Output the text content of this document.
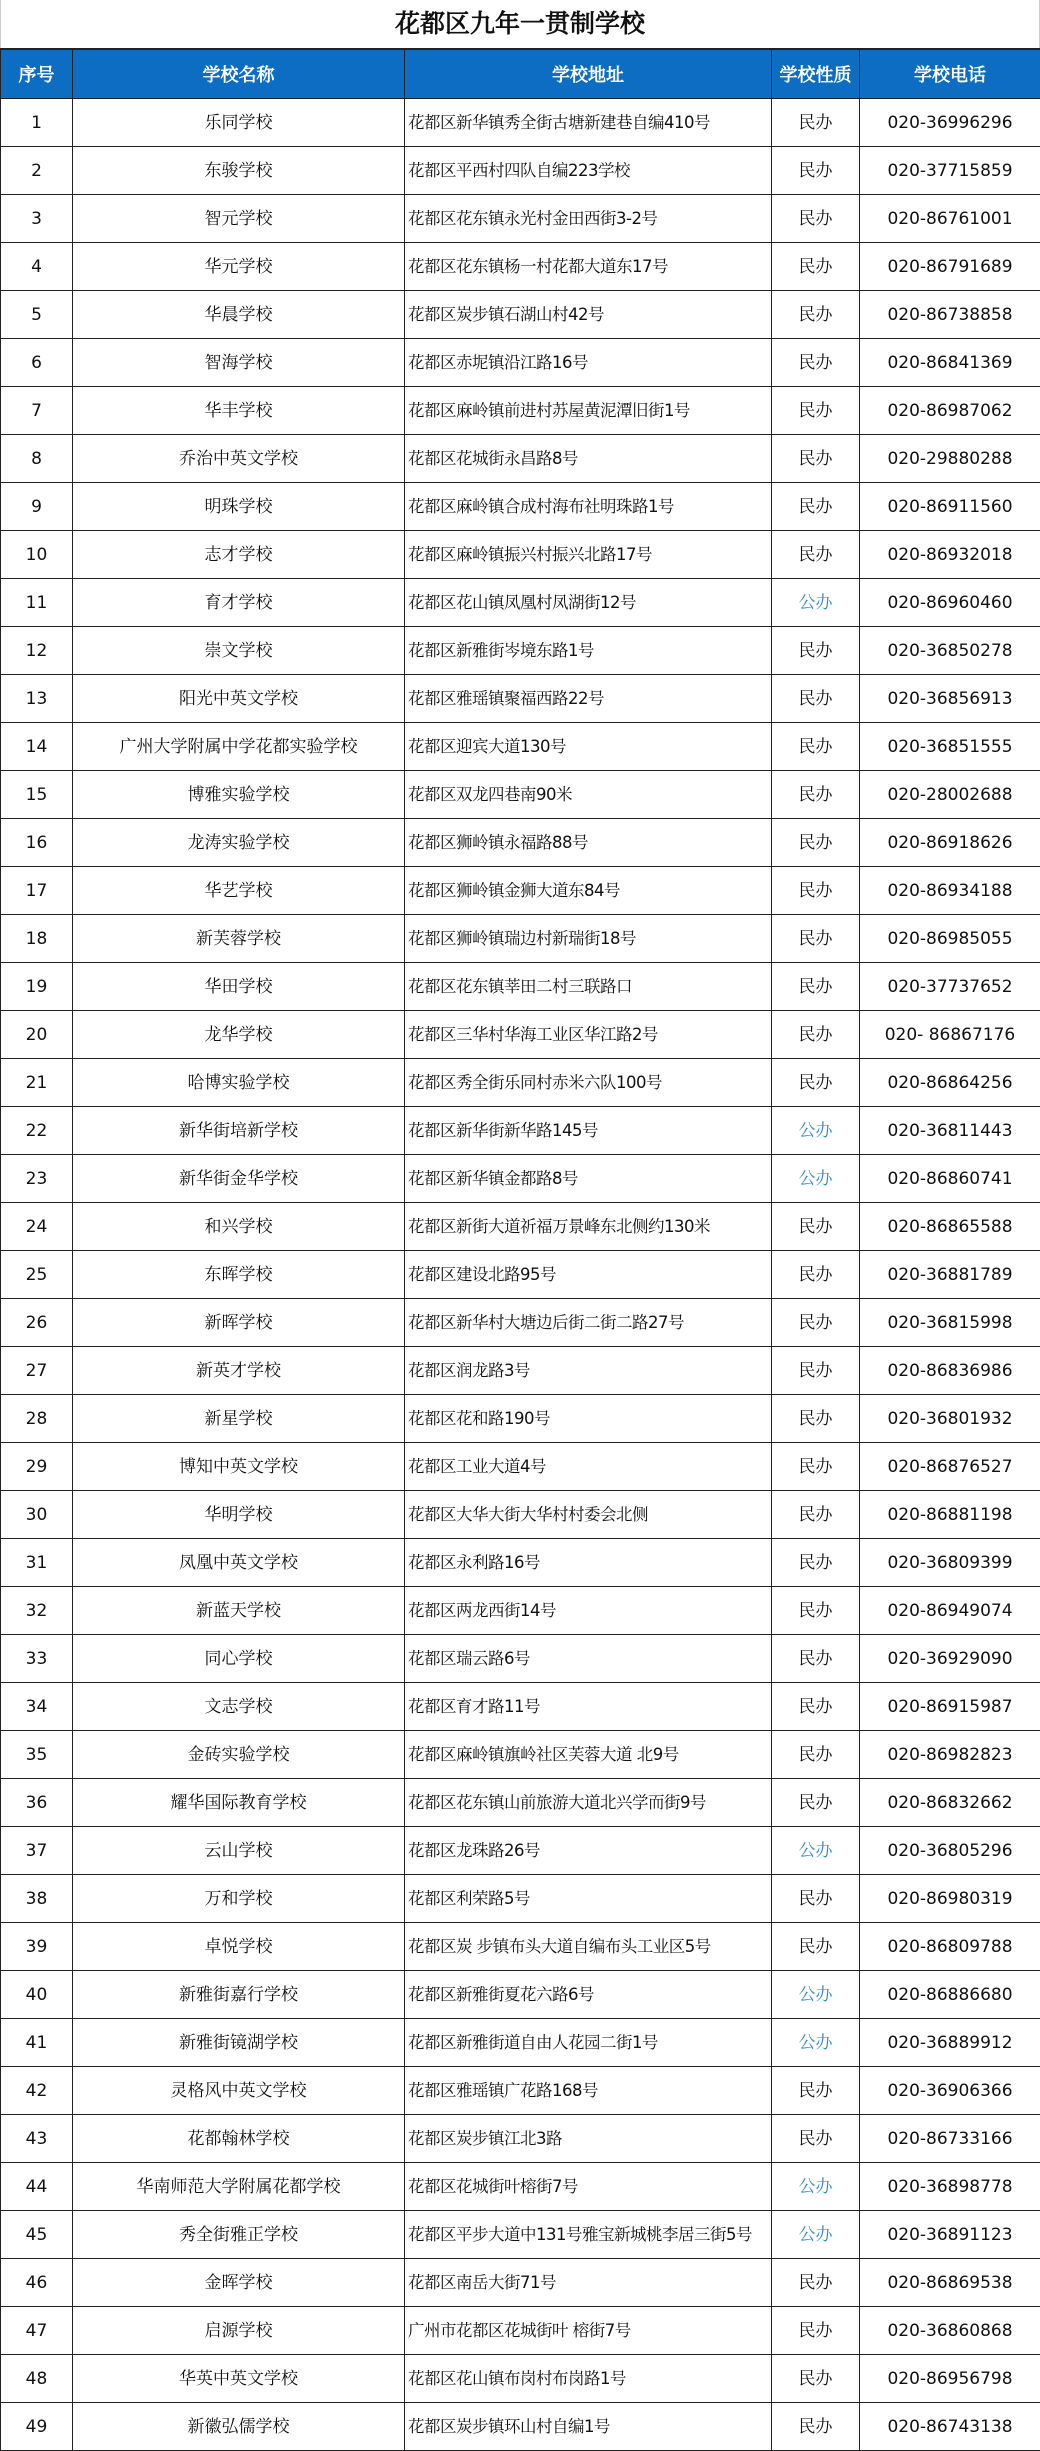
花都区九年一贯制学校
序号	学校名称	学校地址	学校性质	学校电话
1	乐同学校	花都区新华镇秀全街古塘新建巷自编410号	民办	020-36996296
2	东骏学校	花都区平西村四队自编223学校	民办	020-37715859
3	智元学校	花都区花东镇永光村金田西街3-2号	民办	020-86761001
4	华元学校	花都区花东镇杨一村花都大道东17号	民办	020-86791689
5	华晨学校	花都区炭步镇石湖山村42号	民办	020-86738858
6	智海学校	花都区赤坭镇沿江路16号	民办	020-86841369
7	华丰学校	花都区麻岭镇前进村苏屋黄泥潭旧街1号	民办	020-86987062
8	乔治中英文学校	花都区花城街永昌路8号	民办	020-29880288
9	明珠学校	花都区麻岭镇合成村海布社明珠路1号	民办	020-86911560
10	志才学校	花都区麻岭镇振兴村振兴北路17号	民办	020-86932018
11	育才学校	花都区花山镇凤凰村凤湖街12号	公办	020-86960460
12	崇文学校	花都区新雅街岑境东路1号	民办	020-36850278
13	阳光中英文学校	花都区雅瑶镇聚福西路22号	民办	020-36856913
14	广州大学附属中学花都实验学校	花都区迎宾大道130号	民办	020-36851555
15	博雅实验学校	花都区双龙四巷南90米	民办	020-28002688
16	龙涛实验学校	花都区狮岭镇永福路88号	民办	020-86918626
17	华艺学校	花都区狮岭镇金狮大道东84号	民办	020-86934188
18	新芙蓉学校	花都区狮岭镇瑞边村新瑞街18号	民办	020-86985055
19	华田学校	花都区花东镇莘田二村三联路口	民办	020-37737652
20	龙华学校	花都区三华村华海工业区华江路2号	民办	020- 86867176
21	哈博实验学校	花都区秀全街乐同村赤米六队100号	民办	020-86864256
22	新华街培新学校	花都区新华街新华路145号	公办	020-36811443
23	新华街金华学校	花都区新华镇金都路8号	公办	020-86860741
24	和兴学校	花都区新街大道祈福万景峰东北侧约130米	民办	020-86865588
25	东晖学校	花都区建设北路95号	民办	020-36881789
26	新晖学校	花都区新华村大塘边后街二街二路27号	民办	020-36815998
27	新英才学校	花都区润龙路3号	民办	020-86836986
28	新星学校	花都区花和路190号	民办	020-36801932
29	博知中英文学校	花都区工业大道4号	民办	020-86876527
30	华明学校	花都区大华大街大华村村委会北侧	民办	020-86881198
31	凤凰中英文学校	花都区永利路16号	民办	020-36809399
32	新蓝天学校	花都区两龙西街14号	民办	020-86949074
33	同心学校	花都区瑞云路6号	民办	020-36929090
34	文志学校	花都区育才路11号	民办	020-86915987
35	金砖实验学校	花都区麻岭镇旗岭社区芙蓉大道 北9号	民办	020-86982823
36	耀华国际教育学校	花都区花东镇山前旅游大道北兴学而街9号	民办	020-86832662
37	云山学校	花都区龙珠路26号	公办	020-36805296
38	万和学校	花都区利荣路5号	民办	020-86980319
39	卓悦学校	花都区炭 步镇布头大道自编布头工业区5号	民办	020-86809788
40	新雅街嘉行学校	花都区新雅街夏花六路6号	公办	020-86886680
41	新雅街镜湖学校	花都区新雅街道自由人花园二街1号	公办	020-36889912
42	灵格风中英文学校	花都区雅瑶镇广花路168号	民办	020-36906366
43	花都翰林学校	花都区炭步镇江北3路	民办	020-86733166
44	华南师范大学附属花都学校	花都区花城街叶榕街7号	公办	020-36898778
45	秀全街雅正学校	花都区平步大道中131号雅宝新城桃李居三街5号	公办	020-36891123
46	金晖学校	花都区南岳大街71号	民办	020-86869538
47	启源学校	广州市花都区花城街叶 榕街7号	民办	020-36860868
48	华英中英文学校	花都区花山镇布岗村布岗路1号	民办	020-86956798
49	新徽弘儒学校	花都区炭步镇环山村自编1号	民办	020-86743138
